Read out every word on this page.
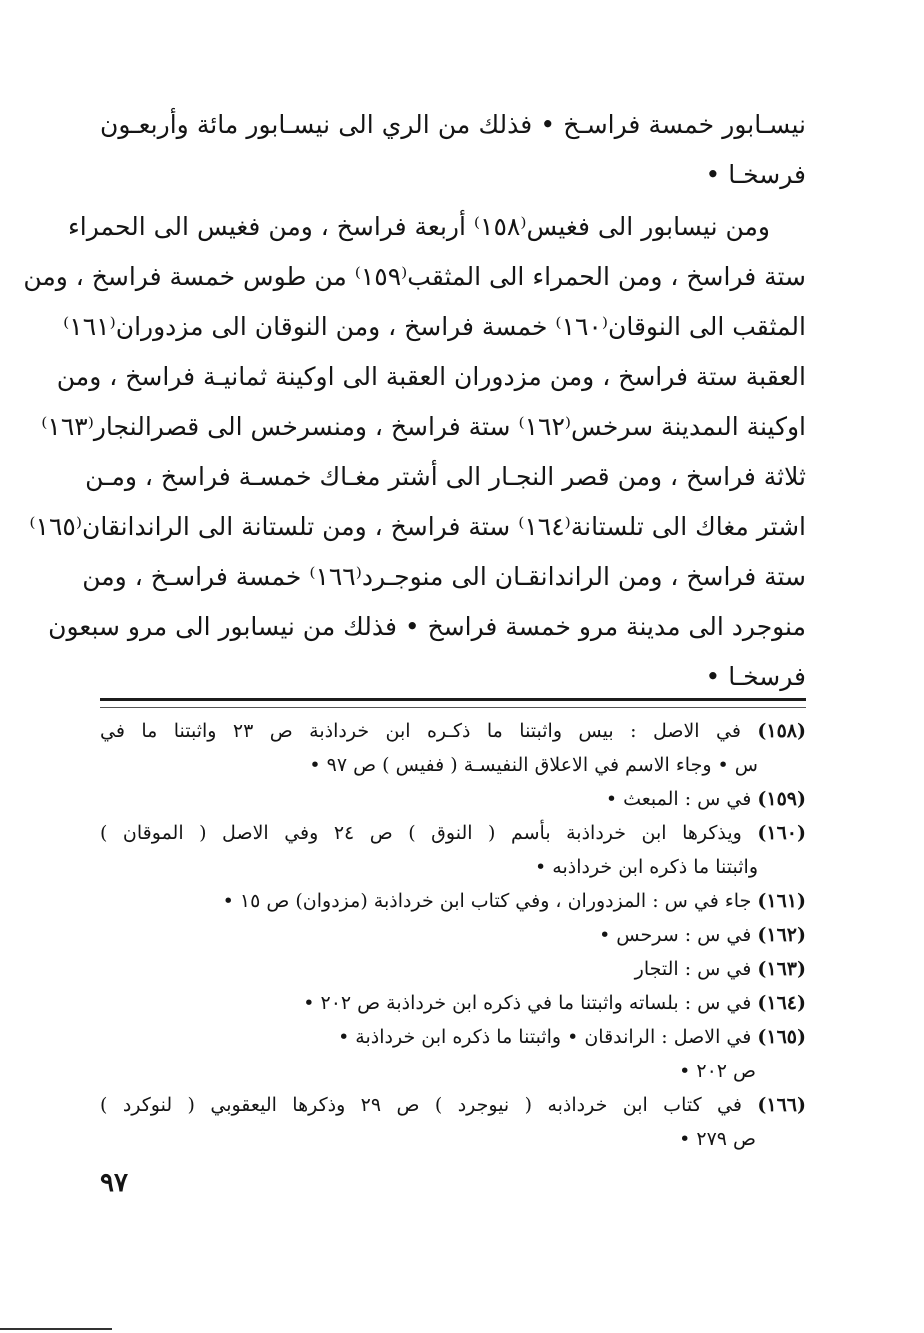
نيسـابور خمسة فراسـخ • فذلك من الري الى نيسـابور مائة وأربعـون
فرسخـا •
ومن نيسابور الى فغيس⁽١٥٨⁾ أربعة فراسخ ، ومن فغيس الى الحمراء
ستة فراسخ ، ومن الحمراء الى المثقب⁽١٥٩⁾ من طوس خمسة فراسخ ، ومن
المثقب الى النوقان⁽١٦٠⁾ خمسة فراسخ ، ومن النوقان الى مزدوران⁽١٦١⁾
العقبة ستة فراسخ ، ومن مزدوران العقبة الى اوكينة ثمانيـة فراسخ ، ومن
اوكينة الىمدينة سرخس⁽١٦٢⁾ ستة فراسخ ، ومنسرخس الى قصرالنجار⁽١٦٣⁾
ثلاثة فراسخ ، ومن قصر النجـار الى أشتر مغـاك خمسـة فراسخ ، ومـن
اشتر مغاك الى تلستانة⁽١٦٤⁾ ستة فراسخ ، ومن تلستانة الى الراندانقان⁽١٦٥⁾
ستة فراسخ ، ومن الراندانقـان الى منوجـرد⁽١٦٦⁾ خمسة فراسـخ ، ومن
منوجرد الى مدينة مرو خمسة فراسخ • فذلك من نيسابور الى مرو سبعون
فرسخـا •
(١٥٨) في الاصل : بيس واثبتنا ما ذكـره ابن خرداذبة ص ٢٣ واثبتنا ما في
س • وجاء الاسم في الاعلاق النفيسـة ( ففيس ) ص ٩٧ •
(١٥٩) في س : المبعث •
(١٦٠) ويذكرها ابن خرداذبة بأسم ( النوق ) ص ٢٤ وفي الاصل ( الموقان )
واثبتنا ما ذكره ابن خرداذبه •
(١٦١) جاء في س : المزدوران ، وفي كتاب ابن خرداذبة (مزدوان) ص ١٥ •
(١٦٢) في س : سرحس •
(١٦٣) في س : التجار
(١٦٤) في س : بلساته واثبتنا ما في ذكره ابن خرداذبة ص ٢٠٢ •
(١٦٥) في الاصل : الراندقان • واثبتنا ما ذكره ابن خرداذبة •
ص ٢٠٢ •
(١٦٦) في كتاب ابن خرداذبه ( نيوجرد ) ص ٢٩ وذكرها اليعقوبي ( لنوكرد )
ص ٢٧٩ •
٩٧
